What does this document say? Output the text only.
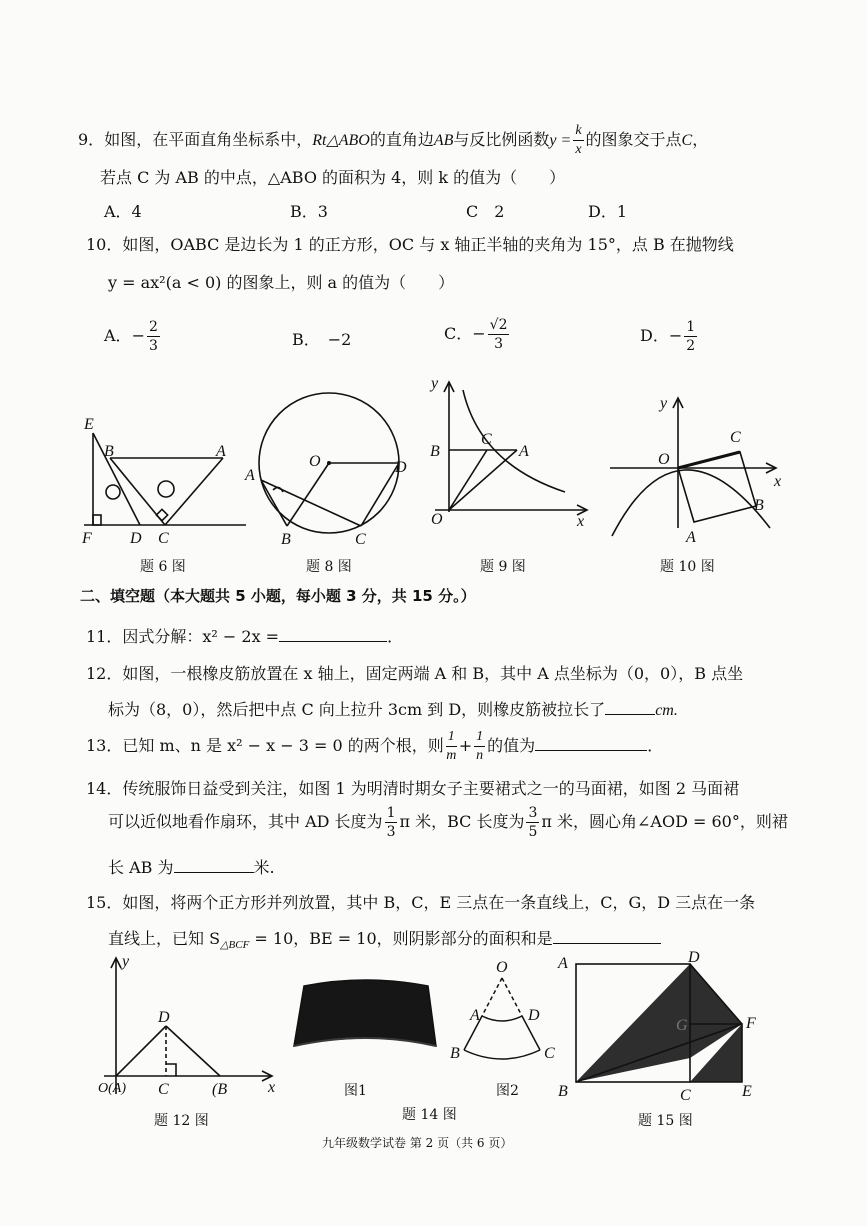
9．如图，在平面直角坐标系中，Rt△ABO的直角边AB与反比例函数$y = \frac{k}{x}$ 的图象交于点C，
若点 C 为 AB 的中点，△ABO 的面积为 4，则 k 的值为（　　）
A．4	B．3	C　2	D．1
10．如图，OABC 是边长为 1 的正方形，OC 与 x 轴正半轴的夹角为 15°，点 B 在抛物线
y = ax²(a < 0) 的图象上，则 a 的值为（　　）
A．− $\frac{2}{3}$	B．　−2	C．− $\frac{√2}{3}$	D．− $\frac{1}{2}$
E
B	A
F D C
O
A	D
B	C
y
B
C
A
O	x
y
C
O
x
B
A
题 6 图	题 8 图	题 9 图	题 10 图
二、填空题（本大题共 5 小题，每小题 3 分，共 15 分。）
11．因式分解：x² − 2x =	．
12．如图，一根橡皮筋放置在 x 轴上，固定两端 A 和 B，其中 A 点坐标为（0，0），B 点坐
标为（8，0），然后把中点 C 向上拉升 3cm 到 D，则橡皮筋被拉长了	cm.
13．已知 m、n 是 x² − x − 3 = 0 的两个根，则 $\frac{1}{m} + \frac{1}{n}$ 的值为	．
14．传统服饰日益受到关注，如图 1 为明清时期女子主要裙式之一的马面裙，如图 2 马面裙
可以近似地看作扇环，其中 AD 长度为 $\frac{1}{3}$ π 米，BC 长度为 $\frac{3}{5}$ π 米，圆心角∠AOD = 60°，则裙
长 AB 为	米.
15．如图，将两个正方形并列放置，其中 B，C，E 三点在一条直线上，C，G，D 三点在一条
直线上，已知 $S_{\triangle BCF} = 10$，BE = 10，则阴影部分的面积和是
y
D
O(A) C	(B	x
题 12 图
图1
O
A	D
B	C
图2
题 14 图
A	D
G	F
B	C	E
题 15 图
九年级数学试卷 第 2 页（共 6 页）
